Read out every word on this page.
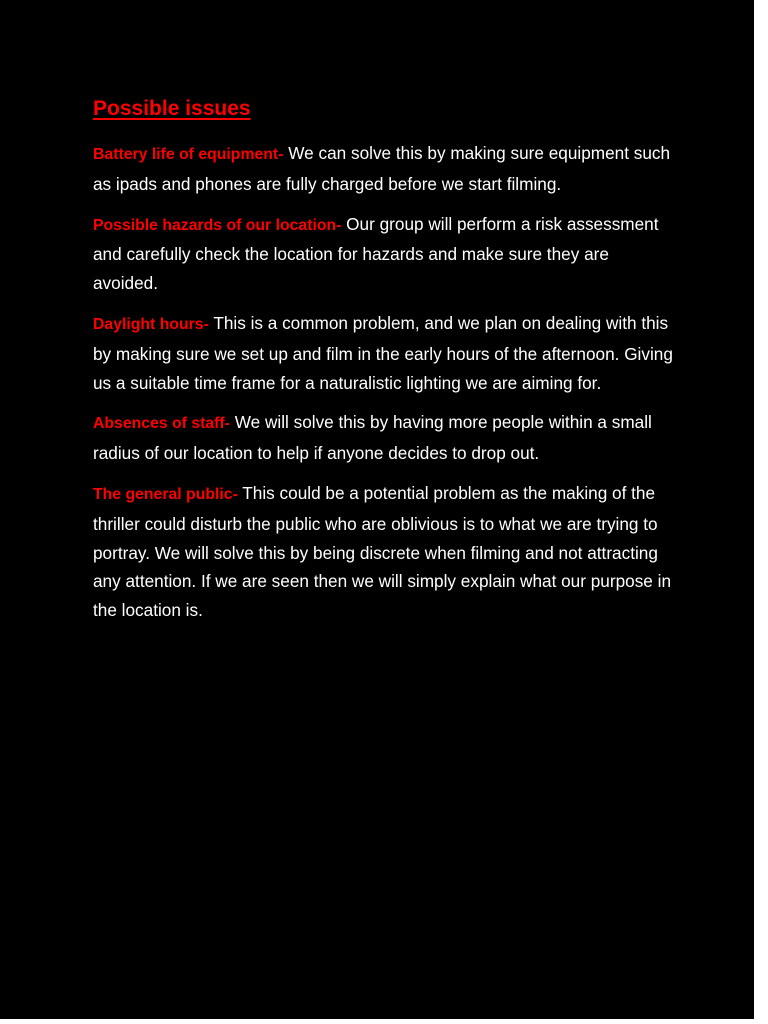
Possible issues

Battery life of equipment- We can solve this by making sure equipment such as ipads and phones are fully charged before we start filming.

Possible hazards of our location- Our group will perform a risk assessment and carefully check the location for hazards and make sure they are avoided.

Daylight hours- This is a common problem, and we plan on dealing with this by making sure we set up and film in the early hours of the afternoon. Giving us a suitable time frame for a naturalistic lighting we are aiming for.

Absences of staff- We will solve this by having more people within a small radius of our location to help if anyone decides to drop out.

The general public- This could be a potential problem as the making of the thriller could disturb the public who are oblivious is to what we are trying to portray. We will solve this by being discrete when filming and not attracting any attention. If we are seen then we will simply explain what our purpose in the location is.
